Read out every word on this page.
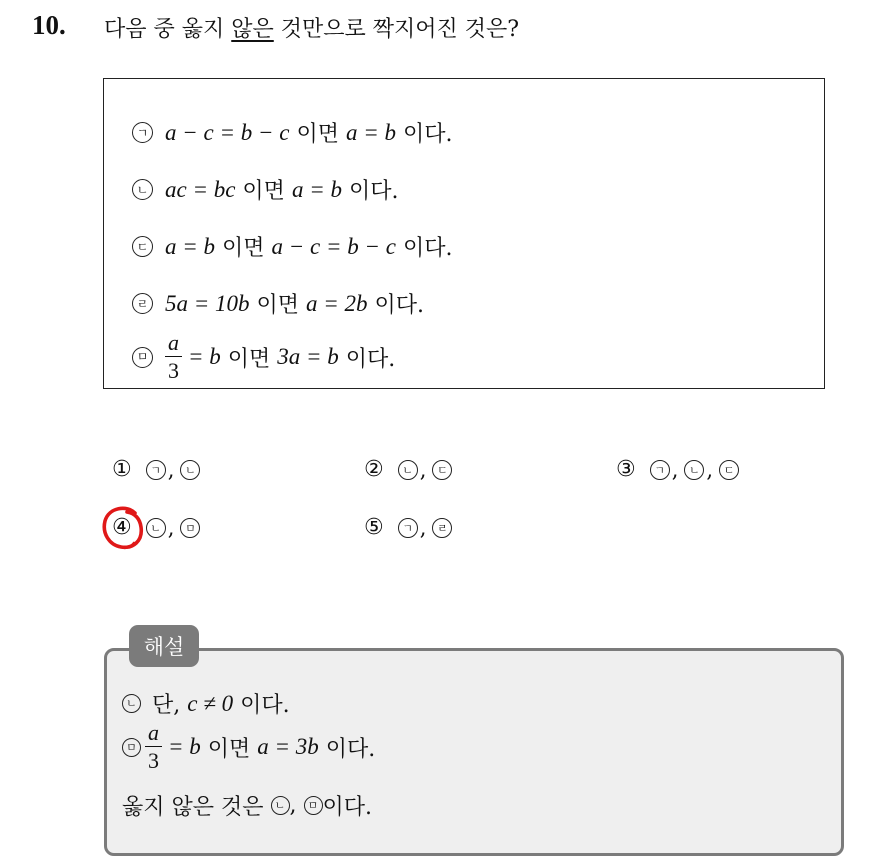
10. 다음 중 옳지 않은 것만으로 짝지어진 것은?
ㄱ a − c = b − c 이면 a = b 이다.
ㄴ ac = bc 이면 a = b 이다.
ㄷ a = b 이면 a − c = b − c 이다.
ㄹ 5a = 10b 이면 a = 2b 이다.
ㅁ $\frac{a}{3} = b$ 이면 3a = b 이다.
①	ㄱ , ㄴ	②	ㄴ , ㄷ	③	ㄱ , ㄴ , ㄷ
④	ㄴ , ㅁ	⑤	ㄱ , ㄹ
해설
ㄴ 단, c ≠ 0 이다.
ㅁ $\frac{a}{3} = b$ 이면 a = 3b 이다.
옳지 않은 것은 ㄴ , ㅁ 이다.
